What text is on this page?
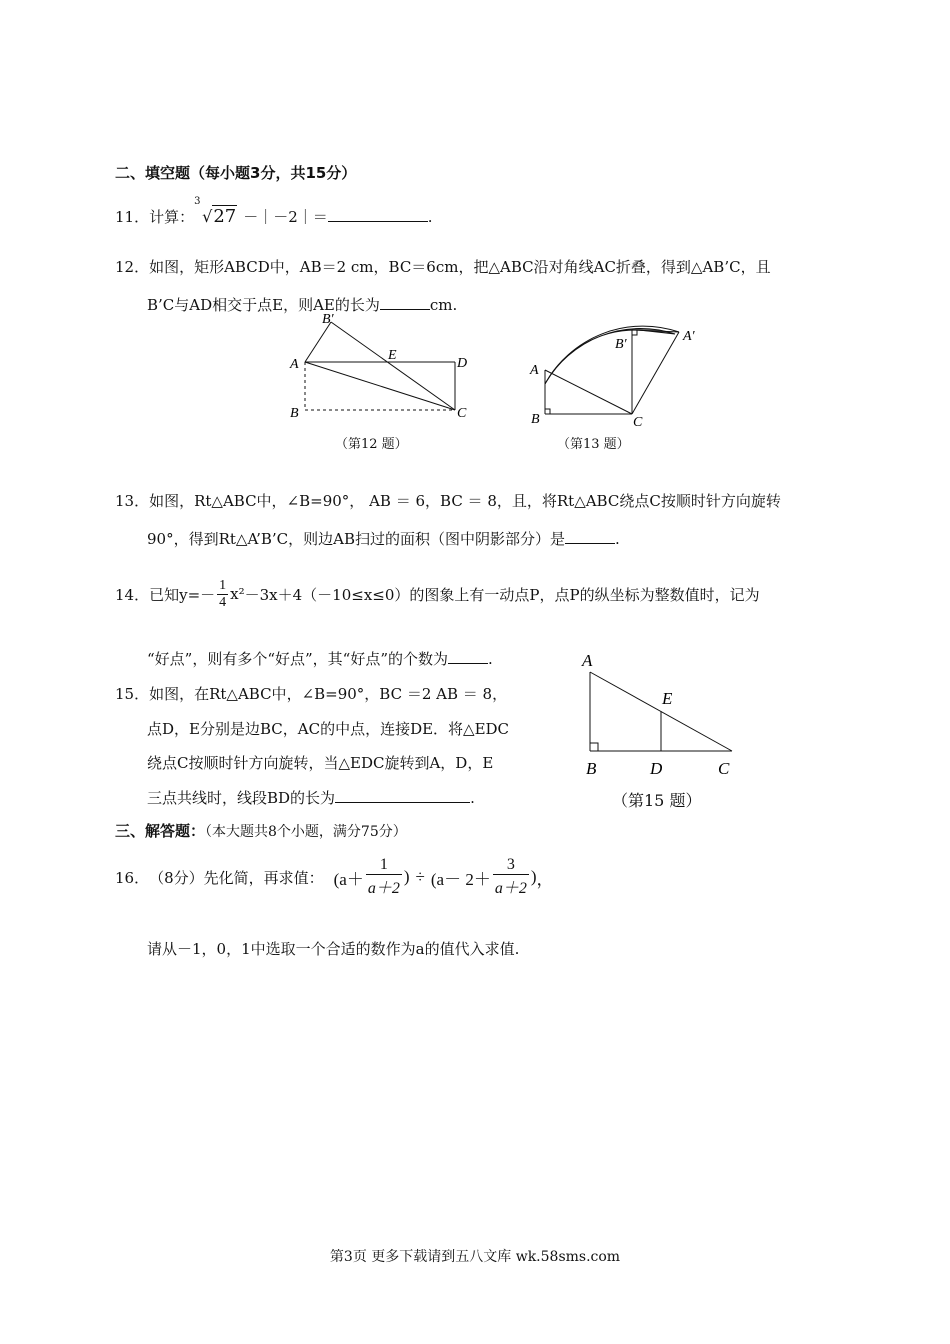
二、填空题（每小题3分，共15分）
11．计算：
3
√27 －｜－2｜＝	.
12．如图，矩形ABCD中，AB＝2 cm，BC＝6cm，把△ABC沿对角线AC折叠，得到△AB’C，且
B’C与AD相交于点E，则AE的长为	cm.
B′
A
E
D
B	C
（第12 题）
A′
B′
A
B	C
（第13 题）
13．如图，Rt△ABC中，∠B=90°， AB ＝ 6，BC ＝ 8，且，将Rt△ABC绕点C按顺时针方向旋转
90°，得到Rt△A’B’C，则边AB扫过的面积（图中阴影部分）是	.
14． 已知$y=- \frac{1}{4} x^2 -3x+4(-10\le x\le 0)$的图象上有一动点P，点P的纵坐标为整数值时，记为
“好点”，则有多个“好点”，其“好点”的个数为	.
15．如图，在Rt△ABC中，∠B=90°，BC ＝2 AB ＝ 8，
点D，E分别是边BC，AC的中点，连接DE．将△EDC
绕点C按顺时针方向旋转，当△EDC旋转到A，D，E
三点共线时，线段BD的长为	.
A
E
B	D	C
（第15 题）
三、解答题：（本大题共8个小题，满分75分）
16． （8分）先化简，再求值： ($a+ \frac{1}{a+2}$ ) ÷ ($a- 2+ \frac{3}{a+2}$ ) ，
请从－1，0，1中选取一个合适的数作为a的值代入求值.
第3页 更多下载请到五八文库 wk.58sms.com
